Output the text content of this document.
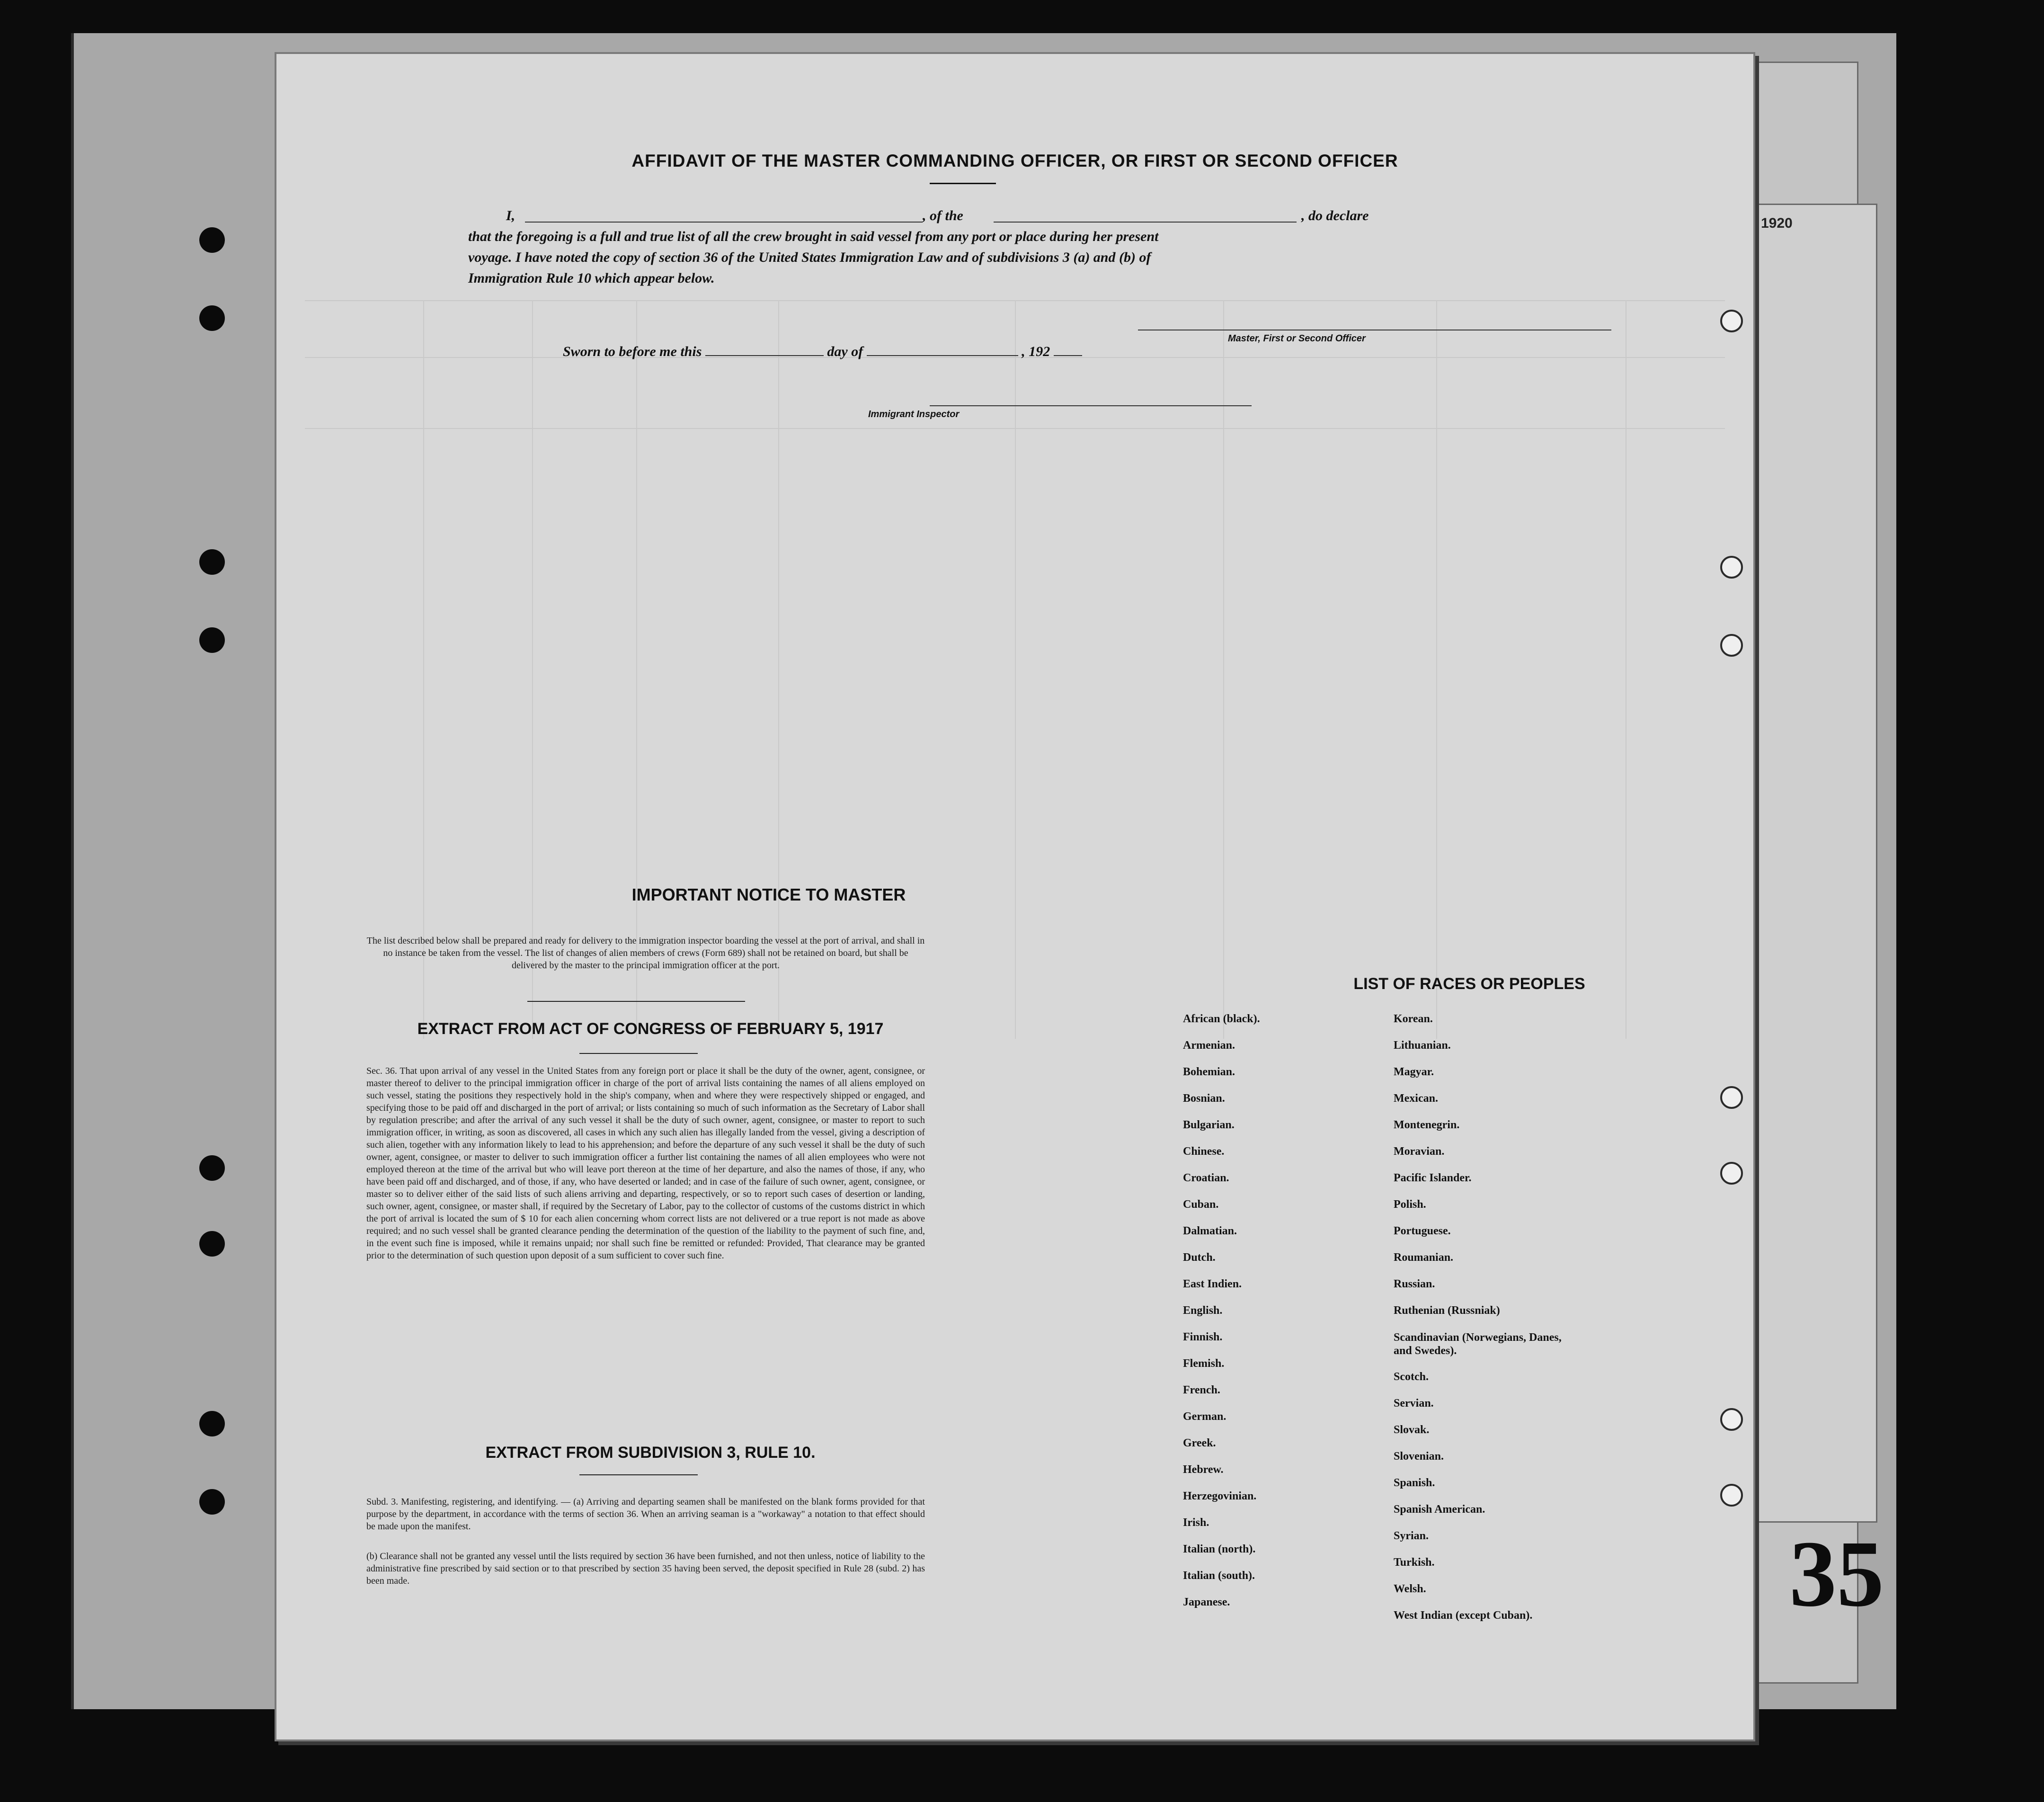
1920
35
AFFIDAVIT OF THE MASTER COMMANDING OFFICER, OR FIRST OR SECOND OFFICER
I,	, of the	, do declare
that the foregoing is a full and true list of all the crew brought in said vessel from any port or place during her present
voyage. I have noted the copy of section 36 of the United States Immigration Law and of subdivisions 3 (a) and (b) of
Immigration Rule 10 which appear below.
Master, First or Second Officer
Sworn to before me this	day of	, 192
Immigrant Inspector
IMPORTANT NOTICE TO MASTER
The list described below shall be prepared and ready for delivery to the immigration inspector boarding the vessel at the port of arrival, and shall in no instance be taken from the vessel. The list of changes of alien members of crews (Form 689) shall not be retained on board, but shall be delivered by the master to the principal immigration officer at the port.
EXTRACT FROM ACT OF CONGRESS OF FEBRUARY 5, 1917
Sec. 36. That upon arrival of any vessel in the United States from any foreign port or place it shall be the duty of the owner, agent, consignee, or master thereof to deliver to the principal immigration officer in charge of the port of arrival lists containing the names of all aliens employed on such vessel, stating the positions they respectively hold in the ship's company, when and where they were respectively shipped or engaged, and specifying those to be paid off and discharged in the port of arrival; or lists containing so much of such information as the Secretary of Labor shall by regulation prescribe; and after the arrival of any such vessel it shall be the duty of such owner, agent, consignee, or master to report to such immigration officer, in writing, as soon as discovered, all cases in which any such alien has illegally landed from the vessel, giving a description of such alien, together with any information likely to lead to his apprehension; and before the departure of any such vessel it shall be the duty of such owner, agent, consignee, or master to deliver to such immigration officer a further list containing the names of all alien employees who were not employed thereon at the time of the arrival but who will leave port thereon at the time of her departure, and also the names of those, if any, who have been paid off and discharged, and of those, if any, who have deserted or landed; and in case of the failure of such owner, agent, consignee, or master so to deliver either of the said lists of such aliens arriving and departing, respectively, or so to report such cases of desertion or landing, such owner, agent, consignee, or master shall, if required by the Secretary of Labor, pay to the collector of customs of the customs district in which the port of arrival is located the sum of $ 10 for each alien concerning whom correct lists are not delivered or a true report is not made as above required; and no such vessel shall be granted clearance pending the determination of the question of the liability to the payment of such fine, and, in the event such fine is imposed, while it remains unpaid; nor shall such fine be remitted or refunded: Provided, That clearance may be granted prior to the determination of such question upon deposit of a sum sufficient to cover such fine.
EXTRACT FROM SUBDIVISION 3, RULE 10.
Subd. 3. Manifesting, registering, and identifying. — (a) Arriving and departing seamen shall be manifested on the blank forms provided for that purpose by the department, in accordance with the terms of section 36. When an arriving seaman is a "workaway" a notation to that effect should be made upon the manifest.
(b) Clearance shall not be granted any vessel until the lists required by section 36 have been furnished, and not then unless, notice of liability to the administrative fine prescribed by said section or to that prescribed by section 35 having been served, the deposit specified in Rule 28 (subd. 2) has been made.
LIST OF RACES OR PEOPLES
African (black).
Armenian.
Bohemian.
Bosnian.
Bulgarian.
Chinese.
Croatian.
Cuban.
Dalmatian.
Dutch.
East Indien.
English.
Finnish.
Flemish.
French.
German.
Greek.
Hebrew.
Herzegovinian.
Irish.
Italian (north).
Italian (south).
Japanese.
Korean.
Lithuanian.
Magyar.
Mexican.
Montenegrin.
Moravian.
Pacific Islander.
Polish.
Portuguese.
Roumanian.
Russian.
Ruthenian (Russniak)
Scandinavian (Norwegians, Danes, and Swedes).
Scotch.
Servian.
Slovak.
Slovenian.
Spanish.
Spanish American.
Syrian.
Turkish.
Welsh.
West Indian (except Cuban).
